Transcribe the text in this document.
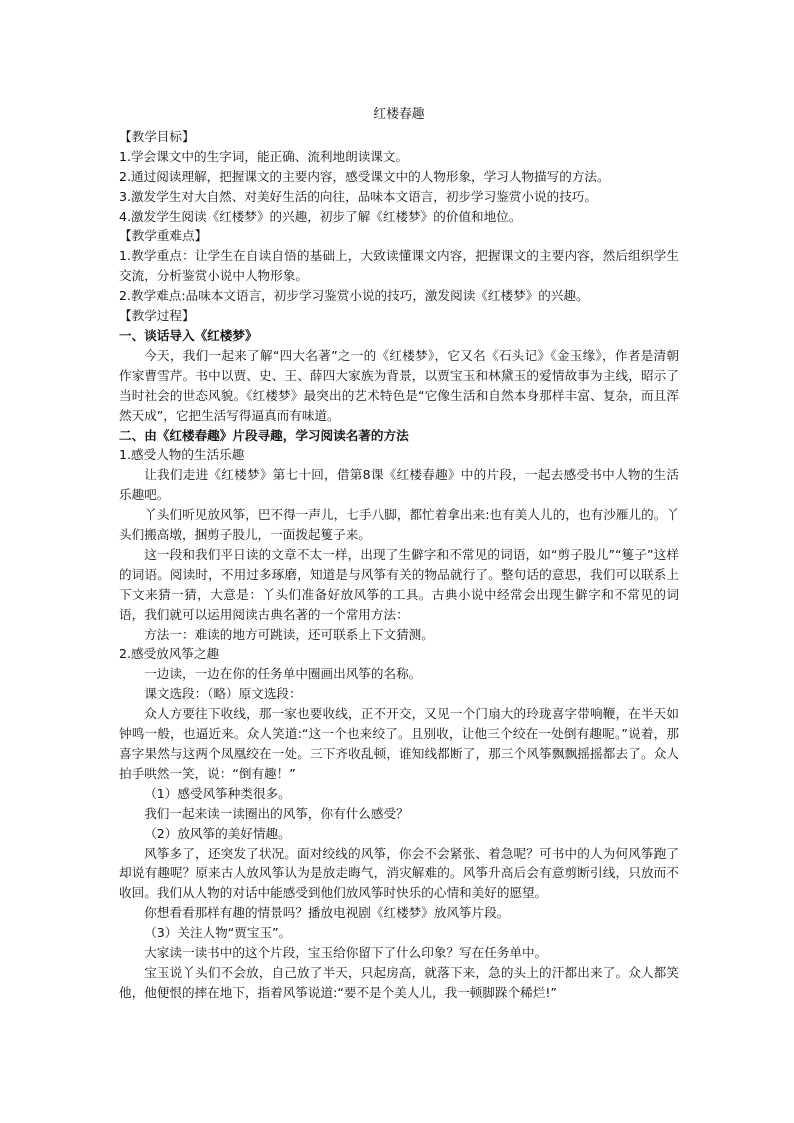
红楼春趣

【教学目标】

1.学会课文中的生字词，能正确、流利地朗读课文。

2.通过阅读理解，把握课文的主要内容，感受课文中的人物形象，学习人物描写的方法。

3.激发学生对大自然、对美好生活的向往，品味本文语言，初步学习鉴赏小说的技巧。

4.激发学生阅读《红楼梦》的兴趣，初步了解《红楼梦》的价值和地位。

【教学重难点】

1.教学重点：让学生在自读自悟的基础上，大致读懂课文内容，把握课文的主要内容，然后组织学生交流，分析鉴赏小说中人物形象。

2.教学难点:品味本文语言，初步学习鉴赏小说的技巧，激发阅读《红楼梦》的兴趣。

【教学过程】

一、谈话导入《红楼梦》

今天，我们一起来了解“四大名著”之一的《红楼梦》，它又名《石头记》《金玉缘》，作者是清朝作家曹雪芹。书中以贾、史、王、薛四大家族为背景，以贾宝玉和林黛玉的爱情故事为主线，昭示了当时社会的世态风貌。《红楼梦》最突出的艺术特色是“它像生活和自然本身那样丰富、复杂，而且浑然天成”，它把生活写得逼真而有味道。

二、由《红楼春趣》片段寻趣，学习阅读名著的方法

1.感受人物的生活乐趣

让我们走进《红楼梦》第七十回，借第8课《红楼春趣》中的片段，一起去感受书中人物的生活乐趣吧。

丫头们听见放风筝，巴不得一声儿，七手八脚，都忙着拿出来:也有美人儿的，也有沙雁儿的。丫头们搬高墩，捆剪子股儿，一面拨起篗子来。

这一段和我们平日读的文章不太一样，出现了生僻字和不常见的词语，如“剪子股儿”“篗子”这样的词语。阅读时，不用过多琢磨，知道是与风筝有关的物品就行了。整句话的意思，我们可以联系上下文来猜一猜，大意是：丫头们准备好放风筝的工具。古典小说中经常会出现生僻字和不常见的词语，我们就可以运用阅读古典名著的一个常用方法：

方法一：难读的地方可跳读，还可联系上下文猜测。

2.感受放风筝之趣

一边读，一边在你的任务单中圈画出风筝的名称。

课文选段：（略）原文选段：

众人方要往下收线，那一家也要收线，正不开交，又见一个门扇大的玲珑喜字带响鞭，在半天如钟鸣一般，也逼近来。众人笑道:“这一个也来绞了。且别收，让他三个绞在一处倒有趣呢。”说着，那喜字果然与这两个凤凰绞在一处。三下齐收乱顿，谁知线都断了，那三个风筝飘飘摇摇都去了。众人拍手哄然一笑，说：“倒有趣！”

（1）感受风筝种类很多。

我们一起来读一读圈出的风筝，你有什么感受？

（2）放风筝的美好情趣。

风筝多了，还突发了状况。面对绞线的风筝，你会不会紧张、着急呢？可书中的人为何风筝跑了却说有趣呢？原来古人放风筝认为是放走晦气，消灾解难的。风筝升高后会有意剪断引线，只放而不收回。我们从人物的对话中能感受到他们放风筝时快乐的心情和美好的愿望。

你想看看那样有趣的情景吗？播放电视剧《红楼梦》放风筝片段。

（3）关注人物“贾宝玉”。

大家读一读书中的这个片段，宝玉给你留下了什么印象？写在任务单中。

宝玉说丫头们不会放，自己放了半天，只起房高，就落下来，急的头上的汗都出来了。众人都笑他，他便恨的摔在地下，指着风筝说道:“要不是个美人儿，我一顿脚跺个稀烂!”
